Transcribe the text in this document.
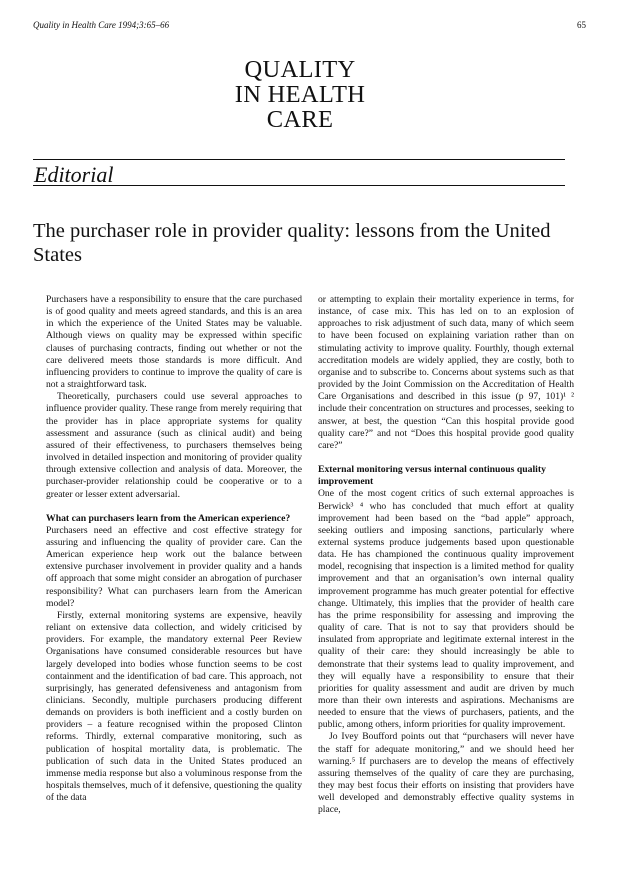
Quality in Health Care 1994;3:65–66	65
QUALITY
IN HEALTH
CARE
Editorial
The purchaser role in provider quality: lessons from the United States

Purchasers have a responsibility to ensure that the care purchased is of good quality and meets agreed standards, and this is an area in which the experience of the United States may be valuable. Although views on quality may be expressed within specific clauses of purchasing contracts, finding out whether or not the care delivered meets those standards is more difficult. And influencing providers to continue to improve the quality of care is not a straightforward task.

Theoretically, purchasers could use several approaches to influence provider quality. These range from merely requiring that the provider has in place appropriate systems for quality assessment and assurance (such as clinical audit) and being assured of their effectiveness, to purchasers themselves being involved in detailed inspection and monitoring of provider quality through extensive collection and analysis of data. Moreover, the purchaser-provider relationship could be cooperative or to a greater or lesser extent adversarial.

What can purchasers learn from the American experience?

Purchasers need an effective and cost effective strategy for assuring and influencing the quality of provider care. Can the American experience heıp work out the balance between extensive purchaser involvement in provider quality and a hands off approach that some might consider an abrogation of purchaser responsibility? What can purchasers learn from the American model?

Firstly, external monitoring systems are expensive, heavily reliant on extensive data collection, and widely criticised by providers. For example, the mandatory external Peer Review Organisations have consumed considerable resources but have largely developed into bodies whose function seems to be cost containment and the identification of bad care. This approach, not surprisingly, has generated defensiveness and antagonism from clinicians. Secondly, multiple purchasers producing different demands on providers is both inefficient and a costly burden on providers – a feature recognised within the proposed Clinton reforms. Thirdly, external comparative monitoring, such as publication of hospital mortality data, is problematic. The publication of such data in the United States produced an immense media response but also a voluminous response from the hospitals themselves, much of it defensive, questioning the quality of the data

or attempting to explain their mortality experience in terms, for instance, of case mix. This has led on to an explosion of approaches to risk adjustment of such data, many of which seem to have been focused on explaining variation rather than on stimulating activity to improve quality. Fourthly, though external accreditation models are widely applied, they are costly, both to organise and to subscribe to. Concerns about systems such as that provided by the Joint Commission on the Accreditation of Health Care Organisations and described in this issue (p 97, 101)¹ ² include their concentration on structures and processes, seeking to answer, at best, the question “Can this hospital provide good quality care?” and not “Does this hospital provide good quality care?”

External monitoring versus internal continuous quality improvement

One of the most cogent critics of such external approaches is Berwick³ ⁴ who has concluded that much effort at quality improvement had been based on the “bad apple” approach, seeking outliers and imposing sanctions, particularly where external systems produce judgements based upon questionable data. He has championed the continuous quality improvement model, recognising that inspection is a limited method for quality improvement and that an organisation’s own internal quality improvement programme has much greater potential for effective change. Ultimately, this implies that the provider of health care has the prime responsibility for assessing and improving the quality of care. That is not to say that providers should be insulated from appropriate and legitimate external interest in the quality of their care: they should increasingly be able to demonstrate that their systems lead to quality improvement, and they will equally have a responsibility to ensure that their priorities for quality assessment and audit are driven by much more than their own interests and aspirations. Mechanisms are needed to ensure that the views of purchasers, patients, and the public, among others, inform priorities for quality improvement.

Jo Ivey Boufford points out that “purchasers will never have the staff for adequate monitoring,” and we should heed her warning.⁵ If purchasers are to develop the means of effectively assuring themselves of the quality of care they are purchasing, they may best focus their efforts on insisting that providers have well developed and demonstrably effective quality systems in place,
